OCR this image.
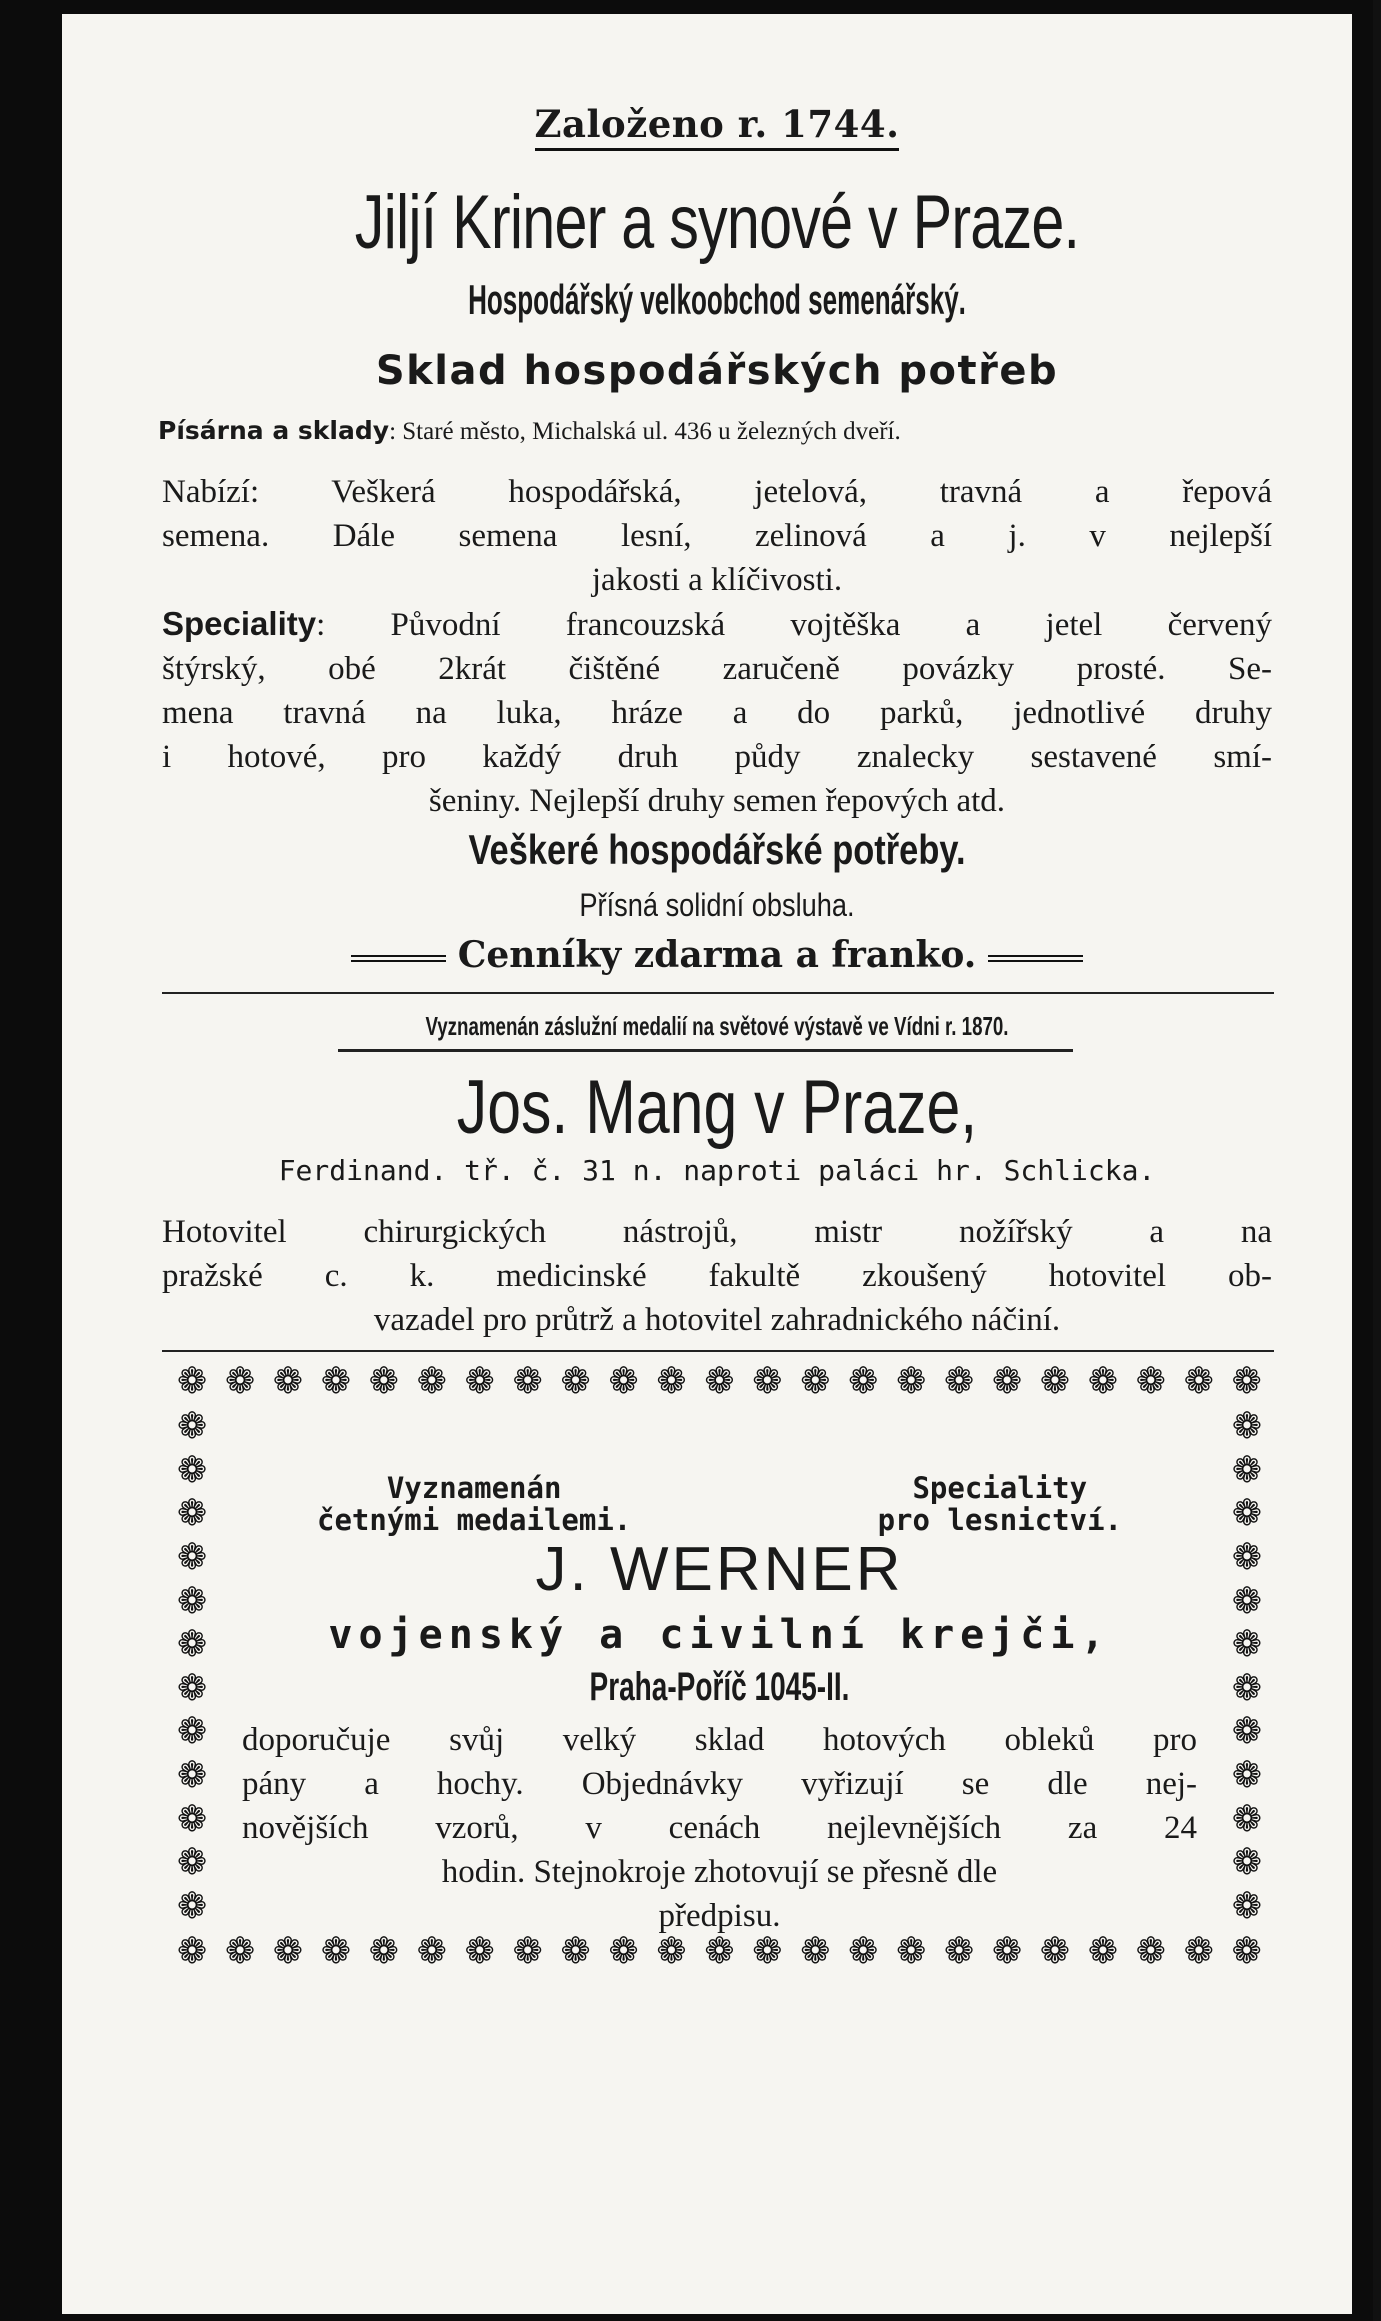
Založeno r. 1744.
Jiljí Kriner a synové v Praze.
Hospodářský velkoobchod semenářský.
Sklad hospodářských potřeb
Písárna a sklady: Staré město, Michalská ul. 436 u železných dveří.
Nabízí: Veškerá hospodářská, jetelová, travná a řepová
semena. Dále semena lesní, zelinová a j. v nejlepší
jakosti a klíčivosti.
Speciality: Původní francouzská vojtěška a jetel červený
štýrský, obé 2krát čištěné zaručeně povázky prosté. Se-
mena travná na luka, hráze a do parků, jednotlivé druhy
i hotové, pro každý druh půdy znalecky sestavené smí-
šeniny. Nejlepší druhy semen řepových atd.
Veškeré hospodářské potřeby.
Přísná solidní obsluha.
Cenníky zdarma a franko.
Vyznamenán záslužní medalií na světové výstavě ve Vídni r. 1870.
Jos. Mang v Praze,
Ferdinand. tř. č. 31 n. naproti paláci hr. Schlicka.
Hotovitel chirurgických nástrojů, mistr nožířský a na
pražské c. k. medicinské fakultě zkoušený hotovitel ob-
vazadel pro průtrž a hotovitel zahradnického náčiní.
❁ ❁ ❁ ❁ ❁ ❁ ❁ ❁ ❁ ❁ ❁ ❁ ❁ ❁ ❁ ❁ ❁ ❁ ❁ ❁ ❁ ❁ ❁
❁ ❁ ❁ ❁ ❁ ❁ ❁ ❁ ❁ ❁ ❁ ❁ ❁ ❁ ❁ ❁ ❁ ❁ ❁ ❁ ❁ ❁ ❁
❁
❁
❁
❁
❁
❁
❁
❁
❁
❁
❁
❁
❁
❁
❁
❁
❁
❁
❁
❁
❁
❁
❁
❁
Vyznamenán
četnými medailemi.
Speciality
pro lesnictví.
J. WERNER
vojenský a civilní krejči,
Praha-Poříč 1045-II.
doporučuje svůj velký sklad hotových obleků pro
pány a hochy. Objednávky vyřizují se dle nej-
novějších vzorů, v cenách nejlevnějších za 24
hodin. Stejnokroje zhotovují se přesně dle
předpisu.
